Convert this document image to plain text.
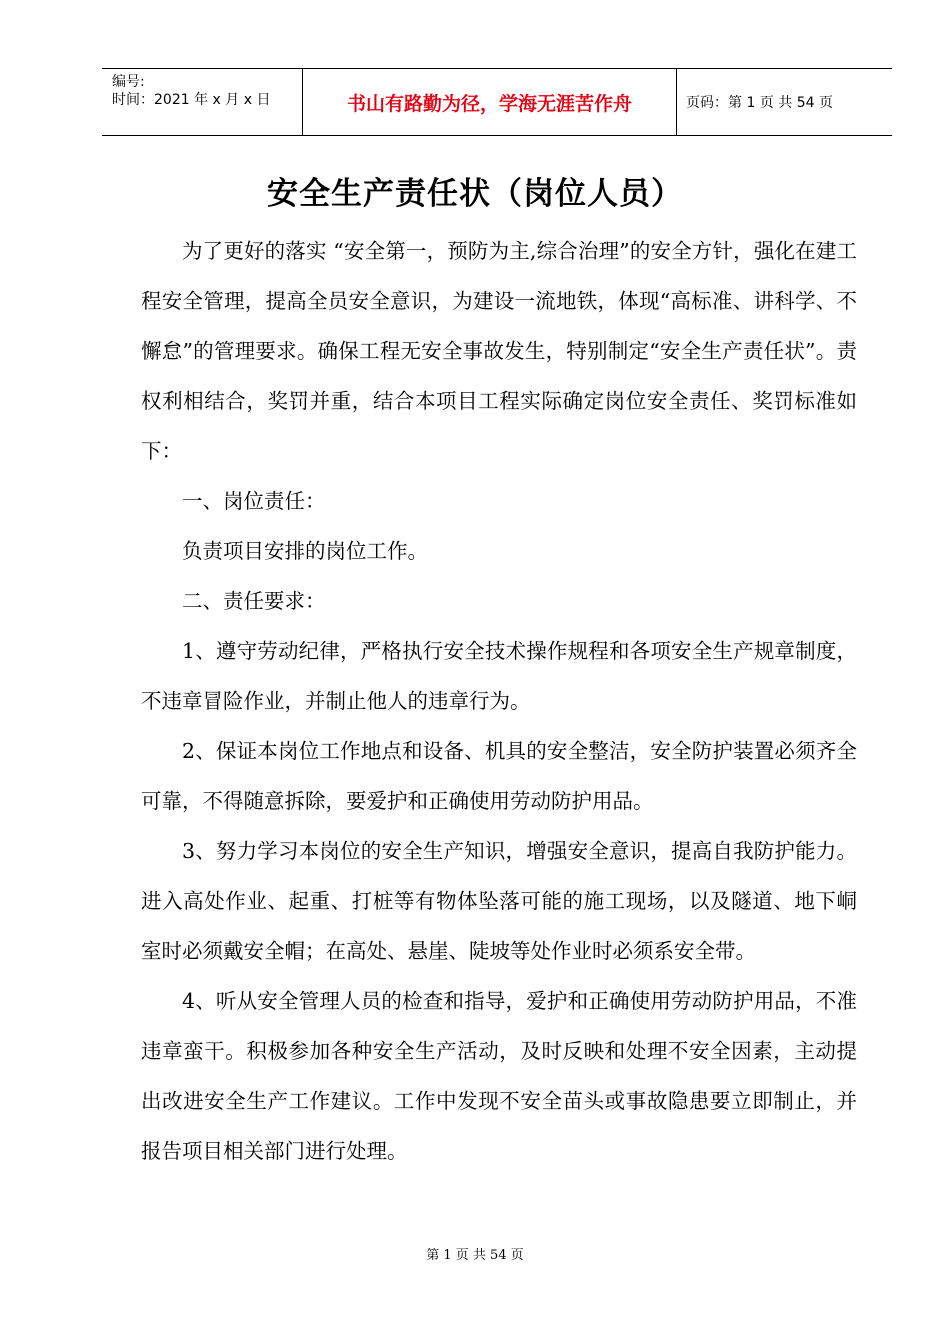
编号:
时间：2021 年 x 月 x 日	书山有路勤为径，学海无涯苦作舟	页码：第 1 页 共 54 页
安全生产责任状（岗位人员）

为了更好的落实 “安全第一，预防为主,综合治理”的安全方针，强化在建工程安全管理，提高全员安全意识，为建设一流地铁，体现“高标准、讲科学、不懈怠”的管理要求。确保工程无安全事故发生，特别制定“安全生产责任状”。责权利相结合，奖罚并重，结合本项目工程实际确定岗位安全责任、奖罚标准如下：

一、岗位责任：

负责项目安排的岗位工作。

二、责任要求：

1、遵守劳动纪律，严格执行安全技术操作规程和各项安全生产规章制度，不违章冒险作业，并制止他人的违章行为。

2、保证本岗位工作地点和设备、机具的安全整洁，安全防护装置必须齐全可靠，不得随意拆除，要爱护和正确使用劳动防护用品。

3、努力学习本岗位的安全生产知识，增强安全意识，提高自我防护能力。进入高处作业、起重、打桩等有物体坠落可能的施工现场，以及隧道、地下峒室时必须戴安全帽；在高处、悬崖、陡坡等处作业时必须系安全带。

4、听从安全管理人员的检查和指导，爱护和正确使用劳动防护用品，不准违章蛮干。积极参加各种安全生产活动，及时反映和处理不安全因素，主动提出改进安全生产工作建议。工作中发现不安全苗头或事故隐患要立即制止，并报告项目相关部门进行处理。

第 1 页 共 54 页
